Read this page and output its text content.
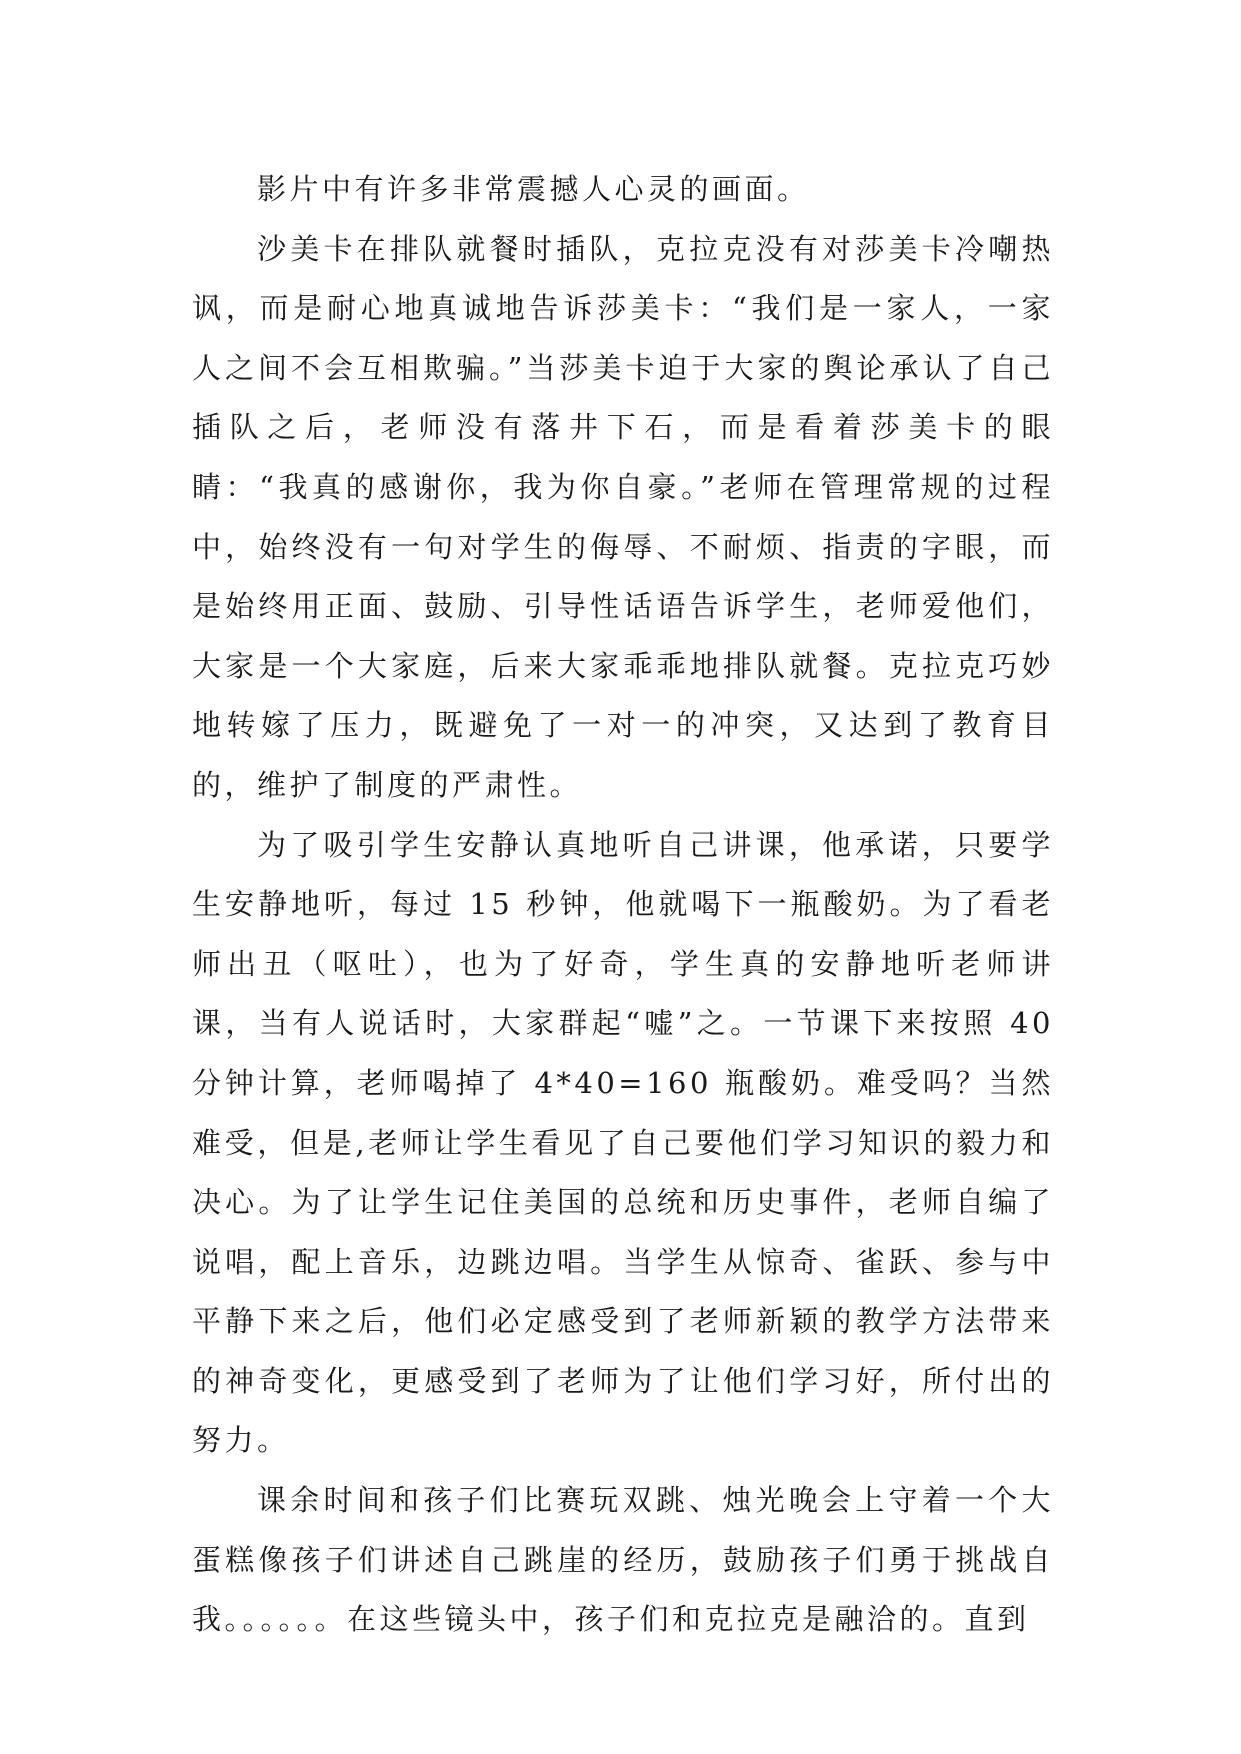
影片中有许多非常震撼人心灵的画面。

沙美卡在排队就餐时插队，克拉克没有对莎美卡冷嘲热讽，而是耐心地真诚地告诉莎美卡：“我们是一家人，一家人之间不会互相欺骗。”当莎美卡迫于大家的舆论承认了自己插队之后，老师没有落井下石，而是看着莎美卡的眼睛：“我真的感谢你，我为你自豪。”老师在管理常规的过程中，始终没有一句对学生的侮辱、不耐烦、指责的字眼，而是始终用正面、鼓励、引导性话语告诉学生，老师爱他们，大家是一个大家庭，后来大家乖乖地排队就餐。克拉克巧妙地转嫁了压力，既避免了一对一的冲突，又达到了教育目的，维护了制度的严肃性。

为了吸引学生安静认真地听自己讲课，他承诺，只要学生安静地听，每过 15 秒钟，他就喝下一瓶酸奶。为了看老师出丑（呕吐），也为了好奇，学生真的安静地听老师讲课，当有人说话时，大家群起“嘘”之。一节课下来按照 40 分钟计算，老师喝掉了 4*40=160 瓶酸奶。难受吗？当然难受，但是,老师让学生看见了自己要他们学习知识的毅力和决心。为了让学生记住美国的总统和历史事件，老师自编了说唱，配上音乐，边跳边唱。当学生从惊奇、雀跃、参与中平静下来之后，他们必定感受到了老师新颖的教学方法带来的神奇变化，更感受到了老师为了让他们学习好，所付出的努力。

课余时间和孩子们比赛玩双跳、烛光晚会上守着一个大蛋糕像孩子们讲述自己跳崖的经历，鼓励孩子们勇于挑战自我。。。。。。在这些镜头中，孩子们和克拉克是融洽的。直到
